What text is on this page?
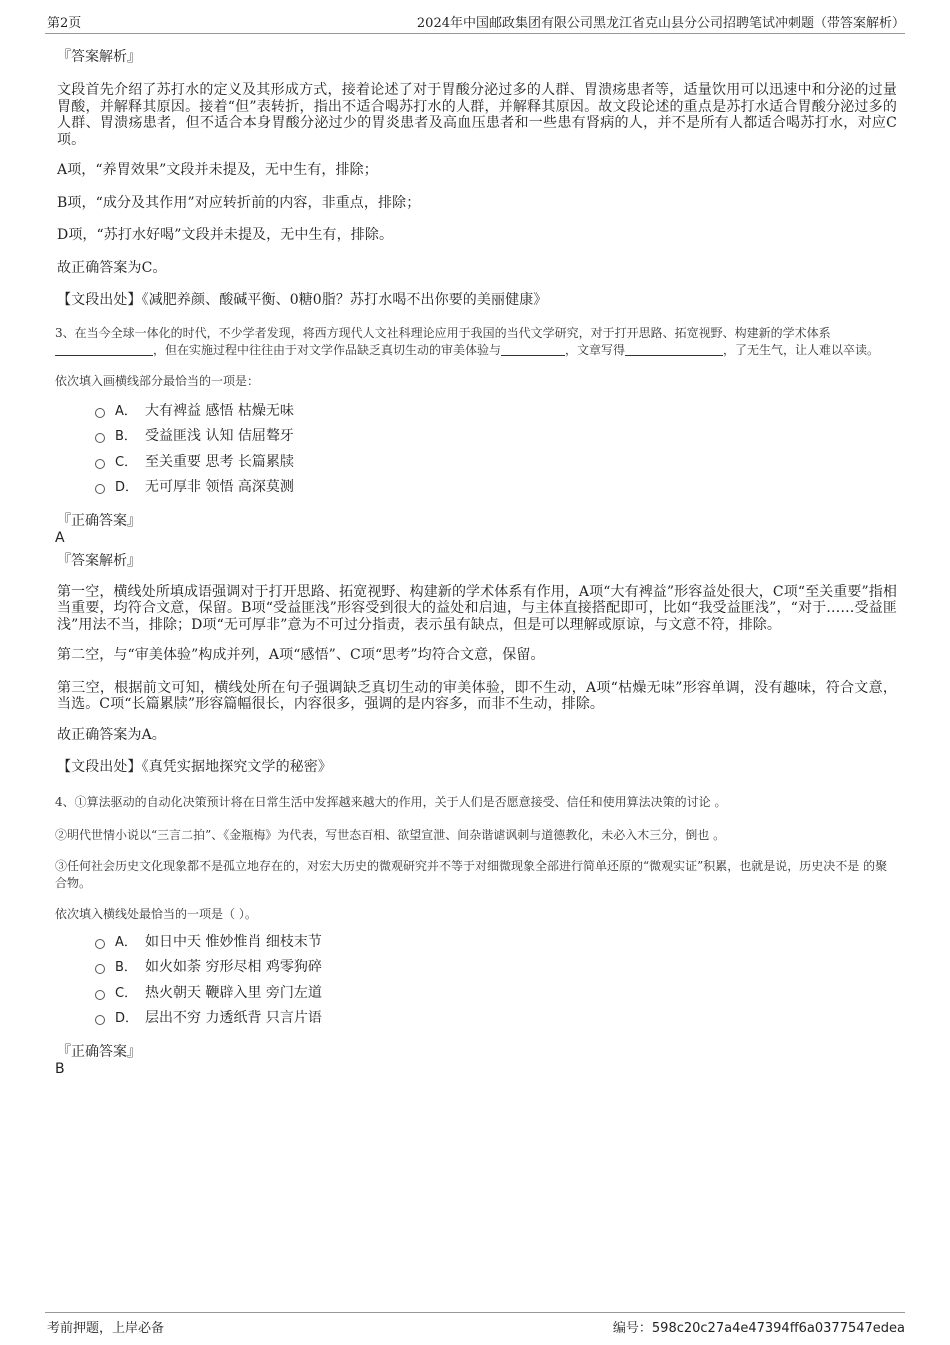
第2页	2024年中国邮政集团有限公司黑龙江省克山县分公司招聘笔试冲刺题（带答案解析）

『答案解析』

文段首先介绍了苏打水的定义及其形成方式，接着论述了对于胃酸分泌过多的人群、胃溃疡患者等，适量饮用可以迅速中和分泌的过量胃酸，并解释其原因。接着“但”表转折，指出不适合喝苏打水的人群，并解释其原因。故文段论述的重点是苏打水适合胃酸分泌过多的人群、胃溃疡患者，但不适合本身胃酸分泌过少的胃炎患者及高血压患者和一些患有肾病的人，并不是所有人都适合喝苏打水，对应C项。

A项，“养胃效果”文段并未提及，无中生有，排除；

B项，“成分及其作用”对应转折前的内容，非重点，排除；

D项，“苏打水好喝”文段并未提及，无中生有，排除。

故正确答案为C。

【文段出处】《减肥养颜、酸碱平衡、0糖0脂？苏打水喝不出你要的美丽健康》

3、在当今全球一体化的时代，不少学者发现，将西方现代人文社科理论应用于我国的当代文学研究，对于打开思路、拓宽视野、构建新的学术体系，但在实施过程中往往由于对文学作品缺乏真切生动的审美体验与	，文章写得	，了无生气，让人难以卒读。

依次填入画横线部分最恰当的一项是：

A． 大有裨益 感悟 枯燥无味
B． 受益匪浅 认知 佶屈聱牙
C． 至关重要 思考 长篇累牍
D． 无可厚非 领悟 高深莫测

『正确答案』

A

『答案解析』

第一空，横线处所填成语强调对于打开思路、拓宽视野、构建新的学术体系有作用，A项“大有裨益”形容益处很大，C项“至关重要”指相当重要，均符合文意，保留。B项“受益匪浅”形容受到很大的益处和启迪，与主体直接搭配即可，比如“我受益匪浅”，“对于……受益匪浅”用法不当，排除；D项“无可厚非”意为不可过分指责，表示虽有缺点，但是可以理解或原谅，与文意不符，排除。

第二空，与“审美体验”构成并列，A项“感悟”、C项“思考”均符合文意，保留。

第三空，根据前文可知，横线处所在句子强调缺乏真切生动的审美体验，即不生动，A项“枯燥无味”形容单调，没有趣味，符合文意，当选。C项“长篇累牍”形容篇幅很长，内容很多，强调的是内容多，而非不生动，排除。

故正确答案为A。

【文段出处】《真凭实据地探究文学的秘密》

4、①算法驱动的自动化决策预计将在日常生活中发挥越来越大的作用，关于人们是否愿意接受、信任和使用算法决策的讨论 。

②明代世情小说以“三言二拍”、《金瓶梅》为代表，写世态百相、欲望宣泄、间杂谐谑讽刺与道德教化，未必入木三分，倒也 。

③任何社会历史文化现象都不是孤立地存在的，对宏大历史的微观研究并不等于对细微现象全部进行简单还原的“微观实证”积累，也就是说，历史决不是 的聚合物。

依次填入横线处最恰当的一项是（ ）。

A． 如日中天 惟妙惟肖 细枝末节
B． 如火如荼 穷形尽相 鸡零狗碎
C． 热火朝天 鞭辟入里 旁门左道
D． 层出不穷 力透纸背 只言片语

『正确答案』

B

考前押题，上岸必备	编号：598c20c27a4e47394ff6a0377547edea
